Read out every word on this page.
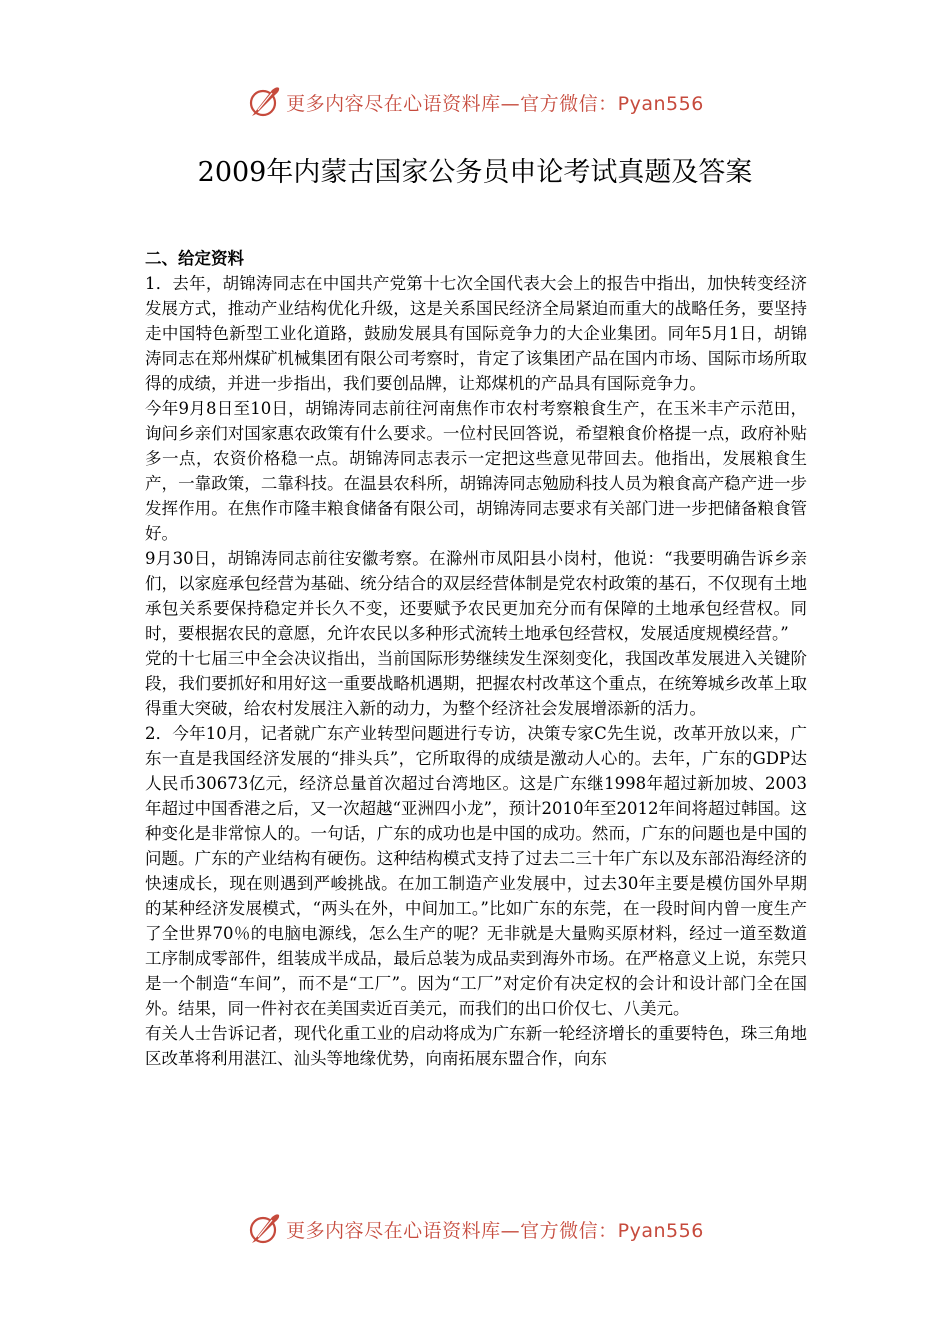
更多内容尽在心语资料库—官方微信：Pyan556
2009年内蒙古国家公务员申论考试真题及答案

二、给定资料

1．去年，胡锦涛同志在中国共产党第十七次全国代表大会上的报告中指出，加快转变经济发展方式，推动产业结构优化升级，这是关系国民经济全局紧迫而重大的战略任务，要坚持走中国特色新型工业化道路，鼓励发展具有国际竞争力的大企业集团。同年5月1日，胡锦涛同志在郑州煤矿机械集团有限公司考察时，肯定了该集团产品在国内市场、国际市场所取得的成绩，并进一步指出，我们要创品牌，让郑煤机的产品具有国际竞争力。

今年9月8日至10日，胡锦涛同志前往河南焦作市农村考察粮食生产，在玉米丰产示范田，询问乡亲们对国家惠农政策有什么要求。一位村民回答说，希望粮食价格提一点，政府补贴多一点，农资价格稳一点。胡锦涛同志表示一定把这些意见带回去。他指出，发展粮食生产，一靠政策，二靠科技。在温县农科所，胡锦涛同志勉励科技人员为粮食高产稳产进一步发挥作用。在焦作市隆丰粮食储备有限公司，胡锦涛同志要求有关部门进一步把储备粮食管好。

9月30日，胡锦涛同志前往安徽考察。在滁州市凤阳县小岗村，他说：“我要明确告诉乡亲们，以家庭承包经营为基础、统分结合的双层经营体制是党农村政策的基石，不仅现有土地承包关系要保持稳定并长久不变，还要赋予农民更加充分而有保障的土地承包经营权。同时，要根据农民的意愿，允许农民以多种形式流转土地承包经营权，发展适度规模经营。”

党的十七届三中全会决议指出，当前国际形势继续发生深刻变化，我国改革发展进入关键阶段，我们要抓好和用好这一重要战略机遇期，把握农村改革这个重点，在统筹城乡改革上取得重大突破，给农村发展注入新的动力，为整个经济社会发展增添新的活力。

2．今年10月，记者就广东产业转型问题进行专访，决策专家C先生说，改革开放以来，广东一直是我国经济发展的“排头兵”，它所取得的成绩是激动人心的。去年，广东的GDP达人民币30673亿元，经济总量首次超过台湾地区。这是广东继1998年超过新加坡、2003年超过中国香港之后，又一次超越“亚洲四小龙”，预计2010年至2012年间将超过韩国。这种变化是非常惊人的。一句话，广东的成功也是中国的成功。然而，广东的问题也是中国的问题。广东的产业结构有硬伤。这种结构模式支持了过去二三十年广东以及东部沿海经济的快速成长，现在则遇到严峻挑战。在加工制造产业发展中，过去30年主要是模仿国外早期的某种经济发展模式，“两头在外，中间加工。”比如广东的东莞，在一段时间内曾一度生产了全世界70％的电脑电源线，怎么生产的呢？无非就是大量购买原材料，经过一道至数道工序制成零部件，组装成半成品，最后总装为成品卖到海外市场。在严格意义上说，东莞只是一个制造“车间”，而不是“工厂”。因为“工厂”对定价有决定权的会计和设计部门全在国外。结果，同一件衬衣在美国卖近百美元，而我们的出口价仅七、八美元。

有关人士告诉记者，现代化重工业的启动将成为广东新一轮经济增长的重要特色，珠三角地区改革将利用湛江、汕头等地缘优势，向南拓展东盟合作，向东

更多内容尽在心语资料库—官方微信：Pyan556
